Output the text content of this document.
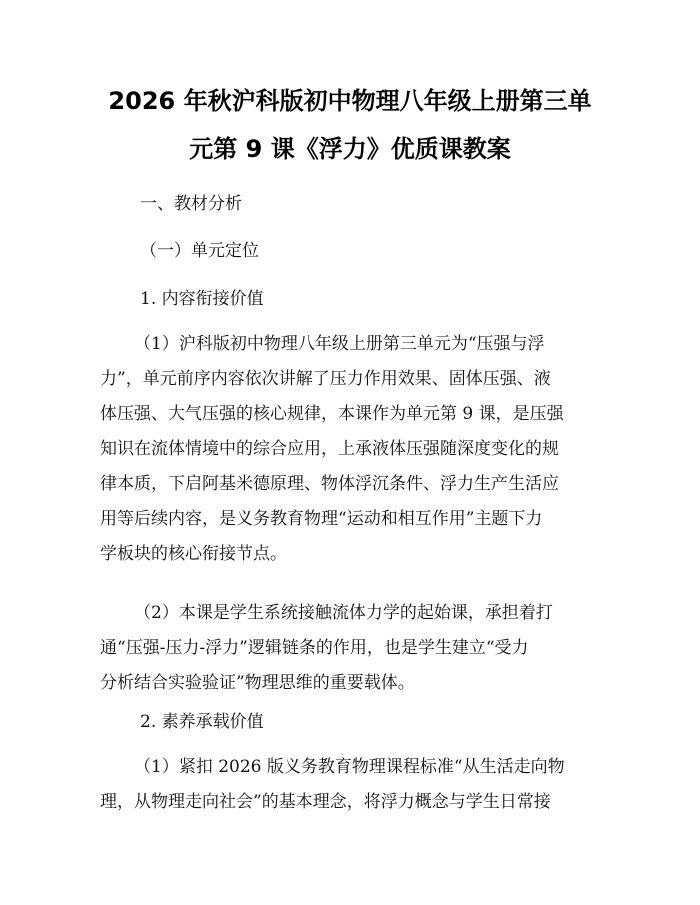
2026 年秋沪科版初中物理八年级上册第三单
元第 9 课《浮力》优质课教案
一、教材分析
（一）单元定位
1. 内容衔接价值
（1）沪科版初中物理八年级上册第三单元为“压强与浮
力”，单元前序内容依次讲解了压力作用效果、固体压强、液
体压强、大气压强的核心规律，本课作为单元第 9 课，是压强
知识在流体情境中的综合应用，上承液体压强随深度变化的规
律本质，下启阿基米德原理、物体浮沉条件、浮力生产生活应
用等后续内容，是义务教育物理“运动和相互作用”主题下力
学板块的核心衔接节点。
（2）本课是学生系统接触流体力学的起始课，承担着打
通“压强-压力-浮力”逻辑链条的作用，也是学生建立“受力
分析结合实验验证”物理思维的重要载体。
2. 素养承载价值
（1）紧扣 2026 版义务教育物理课程标准“从生活走向物
理，从物理走向社会”的基本理念，将浮力概念与学生日常接
